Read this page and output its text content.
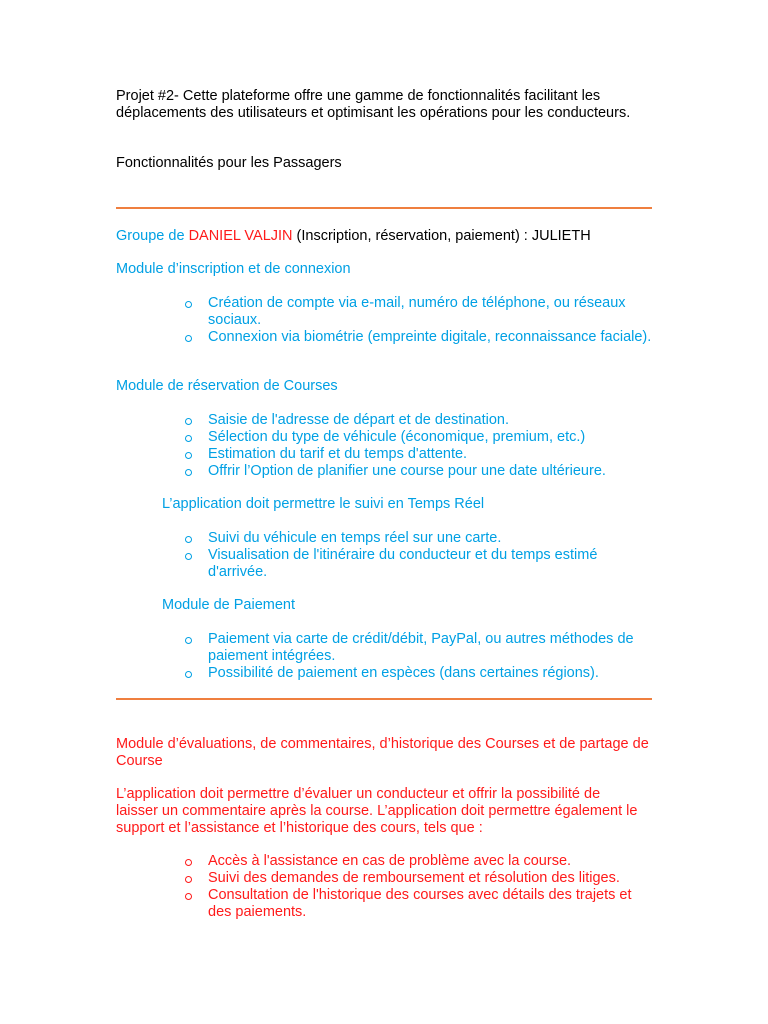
Projet #2- Cette plateforme offre une gamme de fonctionnalités facilitant les déplacements des utilisateurs et optimisant les opérations pour les conducteurs.
Fonctionnalités pour les Passagers
Groupe de DANIEL VALJIN (Inscription, réservation, paiement) : JULIETH
Module d’inscription et de connexion
Création de compte via e-mail, numéro de téléphone, ou réseaux sociaux.
Connexion via biométrie (empreinte digitale, reconnaissance faciale).
Module de réservation de Courses
Saisie de l'adresse de départ et de destination.
Sélection du type de véhicule (économique, premium, etc.)
Estimation du tarif et du temps d'attente.
Offrir l’Option de planifier une course pour une date ultérieure.
L’application doit permettre le suivi en Temps Réel
Suivi du véhicule en temps réel sur une carte.
Visualisation de l'itinéraire du conducteur et du temps estimé d'arrivée.
Module de Paiement
Paiement via carte de crédit/débit, PayPal, ou autres méthodes de paiement intégrées.
Possibilité de paiement en espèces (dans certaines régions).
Module d’évaluations, de commentaires, d’historique des Courses et de partage de Course
L’application doit permettre d’évaluer un conducteur et offrir la possibilité de laisser un commentaire après la course. L’application doit permettre également le support et l’assistance et l’historique des cours, tels que :
Accès à l'assistance en cas de problème avec la course.
Suivi des demandes de remboursement et résolution des litiges.
Consultation de l'historique des courses avec détails des trajets et des paiements.
